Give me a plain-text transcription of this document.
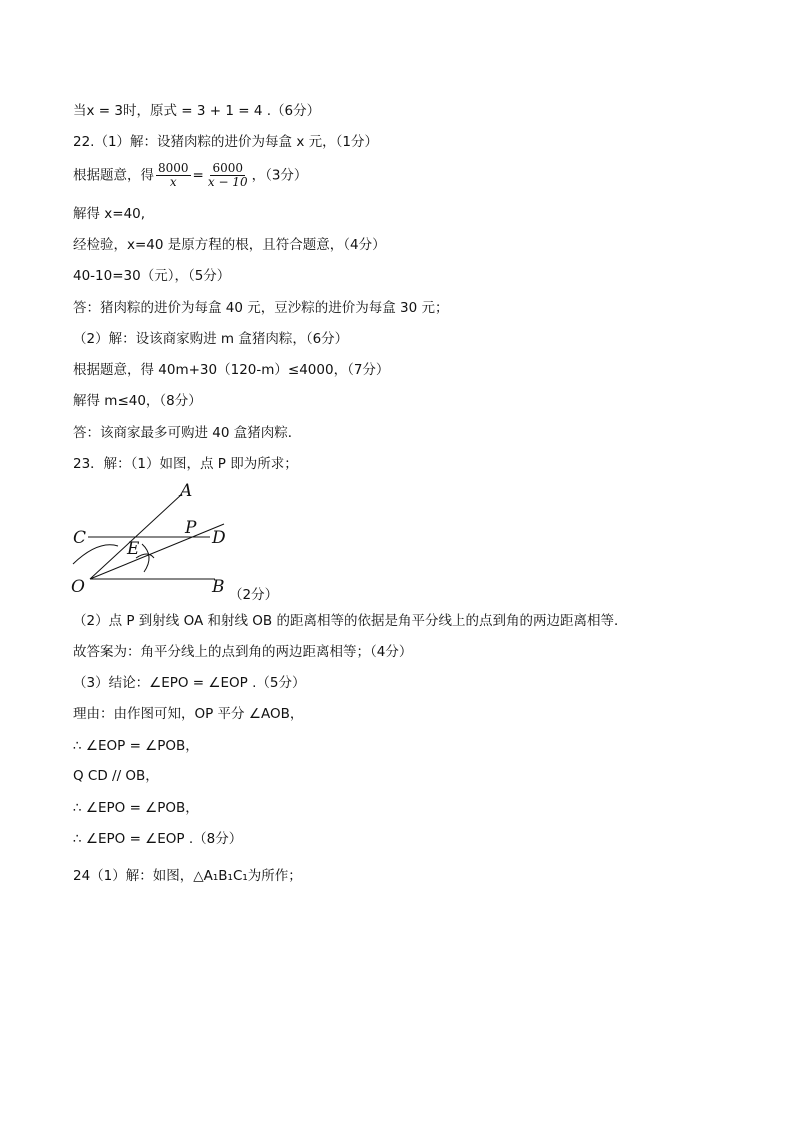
当x = 3时，原式 = 3 + 1 = 4 .（6分）
22.（1）解：设猪肉粽的进价为每盒 x 元，（1分）
根据题意，得 $\frac{8000}{x} = \frac{6000}{x - 10}$ ，（3分）
解得 x=40,
经检验，x=40 是原方程的根，且符合题意，（4分）
40-10=30（元），（5分）
答：猪肉粽的进价为每盒 40 元，豆沙粽的进价为每盒 30 元；
（2）解：设该商家购进 m 盒猪肉粽，（6分）
根据题意，得 40m+30（120-m）≤4000，（7分）
解得 m≤40，（8分）
答：该商家最多可购进 40 盒猪肉粽．
23．解：（1）如图，点 P 即为所求；
A
P
C	D
E
O	B （2分）
（2）点 P 到射线 OA 和射线 OB 的距离相等的依据是角平分线上的点到角的两边距离相等．
故答案为：角平分线上的点到角的两边距离相等；（4分）
（3）结论：∠EPO = ∠EOP .（5分）
理由：由作图可知，OP 平分 ∠AOB，
∴ ∠EOP = ∠POB，
Q CD // OB，
∴ ∠EPO = ∠POB，
∴ ∠EPO = ∠EOP .（8分）
24（1）解：如图，△A₁B₁C₁为所作；
